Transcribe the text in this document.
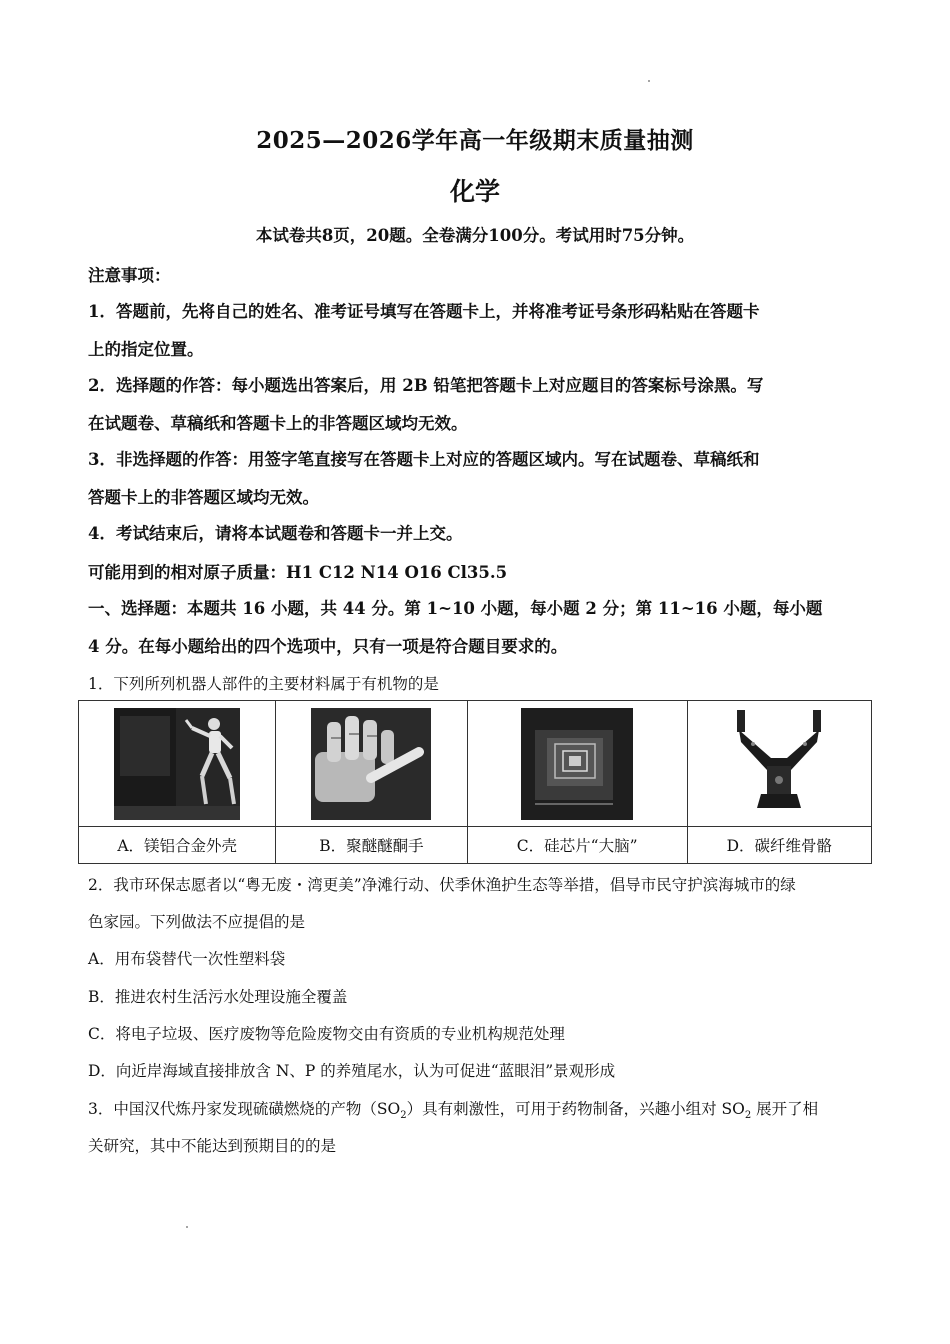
2025—2026学年高一年级期末质量抽测
化学
本试卷共8页，20题。全卷满分100分。考试用时75分钟。
注意事项：
1．答题前，先将自己的姓名、准考证号填写在答题卡上，并将准考证号条形码粘贴在答题卡
上的指定位置。
2．选择题的作答：每小题选出答案后，用 2B 铅笔把答题卡上对应题目的答案标号涂黑。写
在试题卷、草稿纸和答题卡上的非答题区域均无效。
3．非选择题的作答：用签字笔直接写在答题卡上对应的答题区域内。写在试题卷、草稿纸和
答题卡上的非答题区域均无效。
4．考试结束后，请将本试题卷和答题卡一并上交。
可能用到的相对原子质量：H1 C12 N14 O16 Cl35.5
一、选择题：本题共 16 小题，共 44 分。第 1~10 小题，每小题 2 分；第 11~16 小题，每小题
4 分。在每小题给出的四个选项中，只有一项是符合题目要求的。
1．下列所列机器人部件的主要材料属于有机物的是

A．镁铝合金外壳	B．聚醚醚酮手	C．硅芯片“大脑”	D．碳纤维骨骼
2．我市环保志愿者以“粤无废・湾更美”净滩行动、伏季休渔护生态等举措，倡导市民守护滨海城市的绿
色家园。下列做法不应提倡的是
A．用布袋替代一次性塑料袋
B．推进农村生活污水处理设施全覆盖
C．将电子垃圾、医疗废物等危险废物交由有资质的专业机构规范处理
D．向近岸海域直接排放含 N、P 的养殖尾水，认为可促进“蓝眼泪”景观形成
3．中国汉代炼丹家发现硫磺燃烧的产物$(SO_2)$具有刺激性，可用于药物制备，兴趣小组对 $SO_2$ 展开了相
关研究，其中不能达到预期目的的是
